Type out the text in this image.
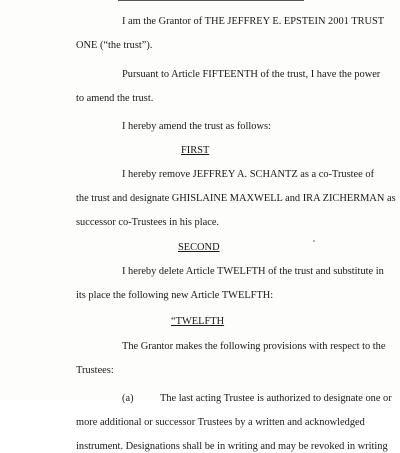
I am the Grantor of THE JEFFREY E. EPSTEIN 2001 TRUST
ONE (“the trust”).
Pursuant to Article FIFTEENTH of the trust, I have the power
to amend the trust.
I hereby amend the trust as follows:
FIRST
I hereby remove JEFFREY A. SCHANTZ as a co-Trustee of
the trust and designate GHISLAINE MAXWELL and IRA ZICHERMAN as
successor co-Trustees in his place.
SECOND
I hereby delete Article TWELFTH of the trust and substitute in
its place the following new Article TWELFTH:
“TWELFTH
The Grantor makes the following provisions with respect to the
Trustees:
(a)	The last acting Trustee is authorized to designate one or
more additional or successor Trustees by a written and acknowledged
instrument. Designations shall be in writing and may be revoked in writing
